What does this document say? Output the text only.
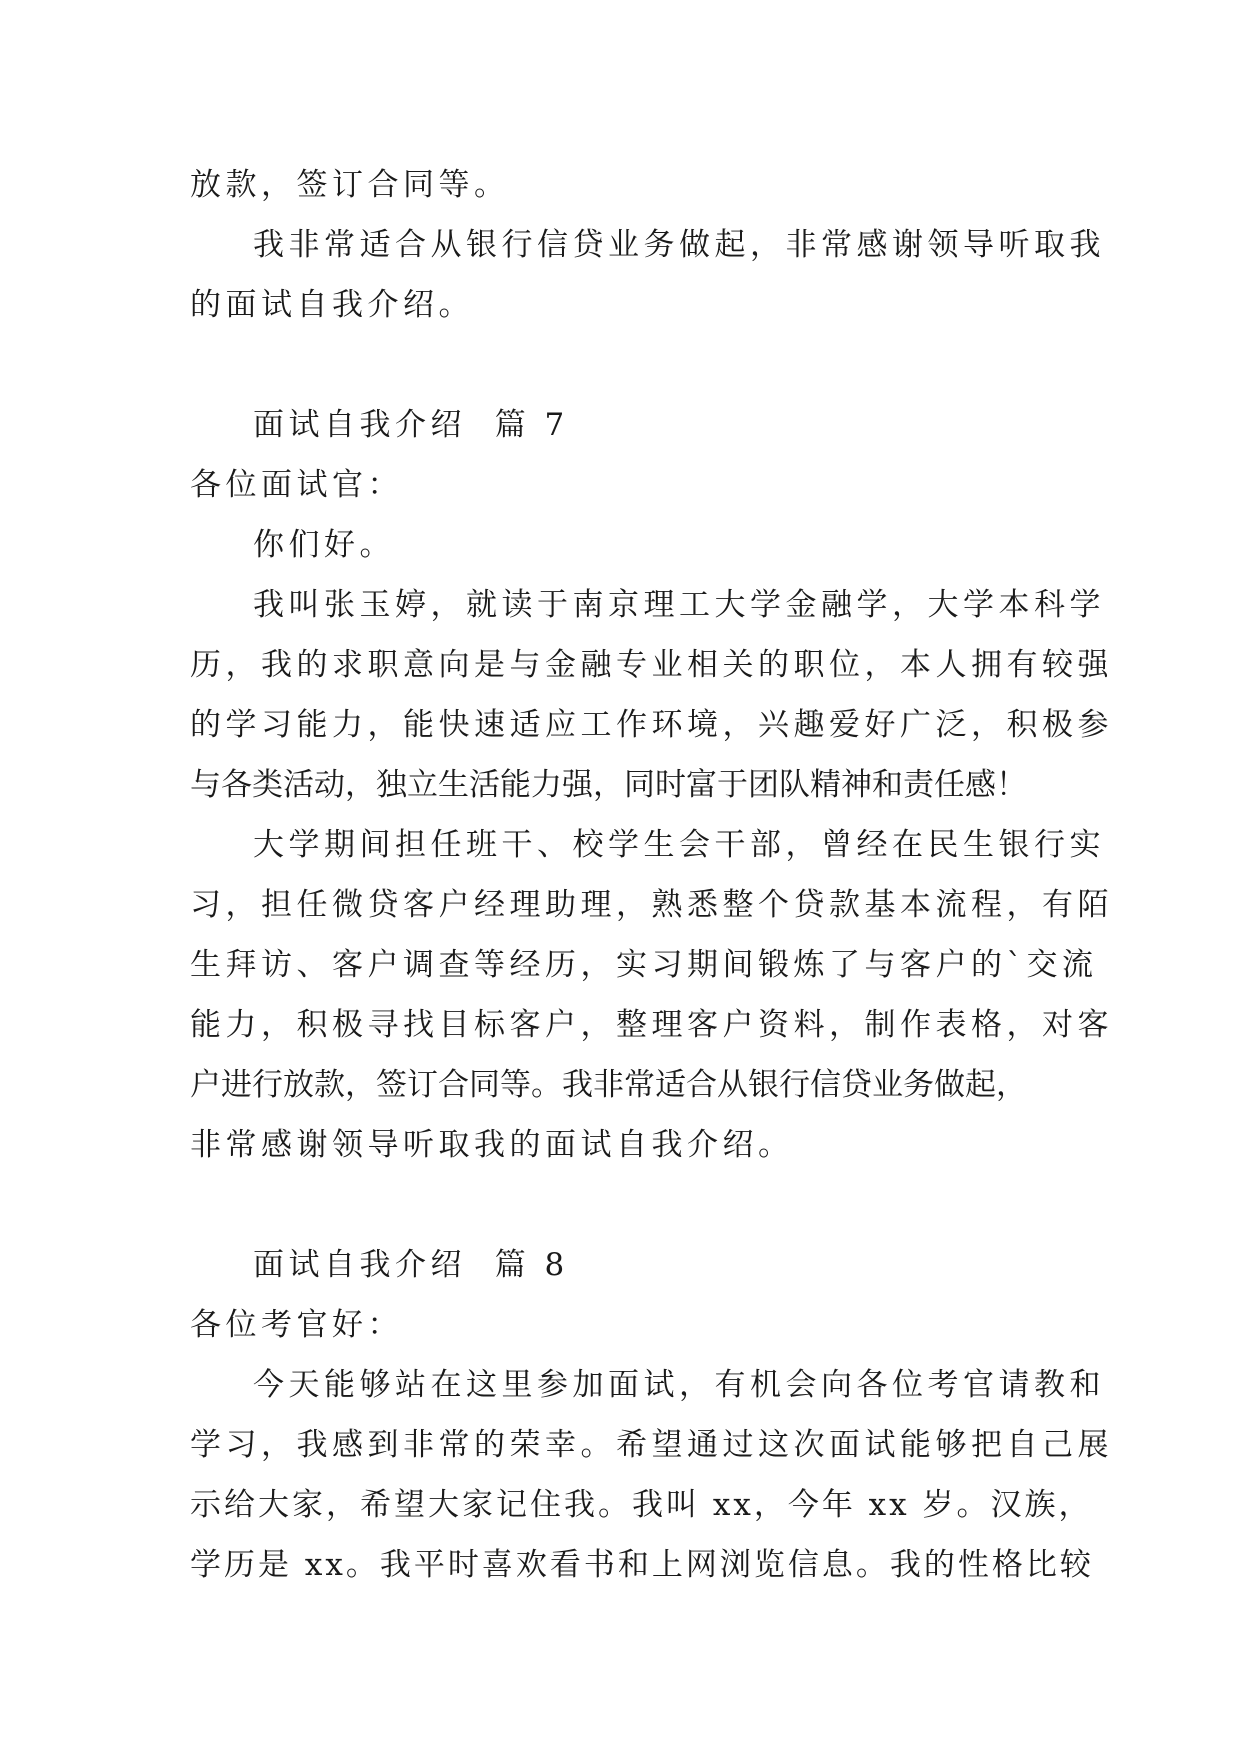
放款，签订合同等。
我非常适合从银行信贷业务做起，非常感谢领导听取我
的面试自我介绍。
面试自我介绍  篇 7
各位面试官：
你们好。
我叫张玉婷，就读于南京理工大学金融学，大学本科学
历，我的求职意向是与金融专业相关的职位，本人拥有较强
的学习能力，能快速适应工作环境，兴趣爱好广泛，积极参
与各类活动，独立生活能力强，同时富于团队精神和责任感！
大学期间担任班干、校学生会干部，曾经在民生银行实
习，担任微贷客户经理助理，熟悉整个贷款基本流程，有陌
生拜访、客户调查等经历，实习期间锻炼了与客户的`交流
能力，积极寻找目标客户，整理客户资料，制作表格，对客
户进行放款，签订合同等。我非常适合从银行信贷业务做起，
非常感谢领导听取我的面试自我介绍。
面试自我介绍  篇 8
各位考官好：
今天能够站在这里参加面试，有机会向各位考官请教和
学习，我感到非常的荣幸。希望通过这次面试能够把自己展
示给大家，希望大家记住我。我叫 xx，今年 xx 岁。汉族，
学历是 xx。我平时喜欢看书和上网浏览信息。我的性格比较
